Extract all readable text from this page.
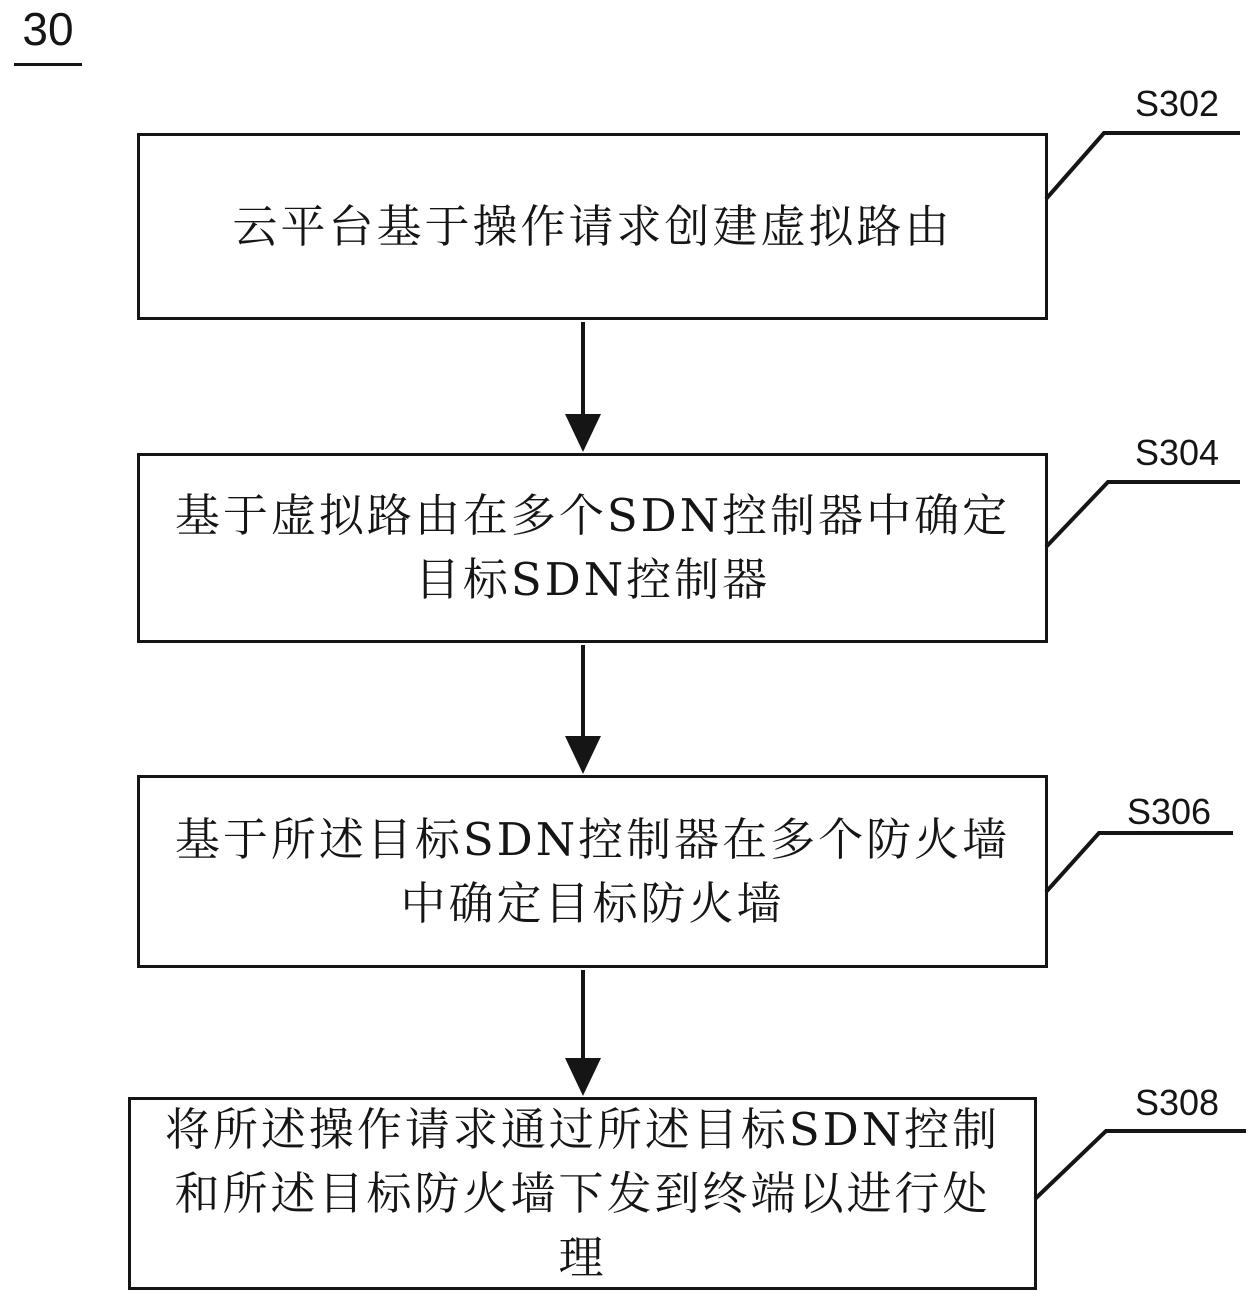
30
云平台基于操作请求创建虚拟路由
基于虚拟路由在多个SDN控制器中确定
目标SDN控制器
基于所述目标SDN控制器在多个防火墙
中确定目标防火墙
将所述操作请求通过所述目标SDN控制
和所述目标防火墙下发到终端以进行处
理
S302
S304
S306
S308
